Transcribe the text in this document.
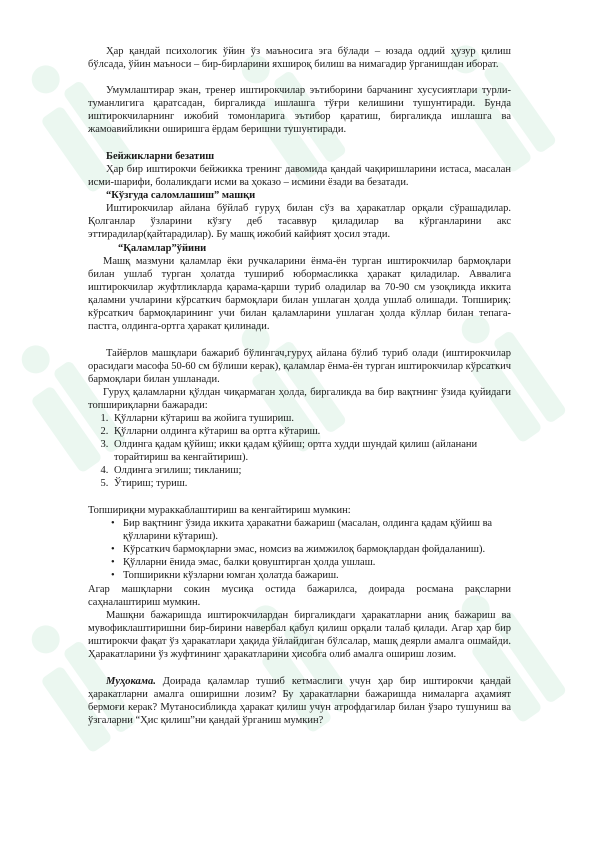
Ҳар қандай психологик ўйин ўз маъносига эга бўлади – юзада оддий ҳузур қилиш бўлсада, ўйин маъноси – бир-бирларини яхшироқ билиш ва нимагадир ўрганишдан иборат.

Умумлаштирар экан, тренер иштирокчилар эътиборини барчанинг хусусиятлари турли-туманлигига қаратсадан, биргаликда ишлашга тўғри келишини тушунтиради. Бунда иштирокчиларнинг ижобий томонларига эътибор қаратиш, биргаликда ишлашга ва жамоавийликни оширишга ёрдам беришни тушунтиради.

Бейжикларни безатиш

Ҳар бир иштирокчи бейжикка тренинг давомида қандай чақиришларини истаса, масалан исми-шарифи, болаликдаги исми ва ҳоказо – исмини ёзади ва безатади.

“Кўзгуда саломлашиш” машқи

Иштирокчилар айлана бўйлаб гуруҳ билан сўз ва ҳаракатлар орқали сўрашадилар. Қолганлар ўзларини кўзгу деб тасаввур қиладилар ва кўрганларини акс эттирадилар(қайтарадилар). Бу машқ ижобий кайфият ҳосил этади.

“Қаламлар”ўйини

Машқ мазмуни қаламлар ёки ручкаларини ёнма-ён турган иштирокчилар бармоқлари билан ушлаб турган ҳолатда тушириб юбормасликка ҳаракат қиладилар. Аввалига иштирокчилар жуфтликларда қарама-қарши туриб оладилар ва 70-90 см узоқликда иккита қаламни учларини кўрсаткич бармоқлари билан ушлаган ҳолда ушлаб олишади. Топшириқ: кўрсаткич бармоқларининг учи билан қаламларини ушлаган ҳолда кўллар билан тепага-пастга, олдинга-ортга ҳаракат қилинади.

Тайёрлов машқлари бажариб бўлингач,гуруҳ айлана бўлиб туриб олади (иштирокчилар орасидаги масофа 50-60 см бўлиши керак), қаламлар ёнма-ён турган иштирокчилар кўрсаткич бармоқлари билан ушланади.

Гуруҳ қаламларни қўлдан чиқармаган ҳолда, биргаликда ва бир вақтнинг ўзида қуйидаги топшириқларни бажаради:

1. Қўлларни кўтариш ва жойига тушириш.
2. Қўлларни олдинга кўтариш ва ортга кўтариш.
3. Олдинга қадам қўйиш; икки қадам қўйиш; ортга худди шундай қилиш (айланани торайтириш ва кенгайтириш).
4. Олдинга эгилиш; тикланиш;
5. Ўтириш; туриш.

Топшириқни мураккаблаштириш ва кенгайтириш мумкин:

• Бир вақтнинг ўзида иккита ҳаракатни бажариш (масалан, олдинга қадам қўйиш ва қўлларини кўтариш).
• Кўрсаткич бармоқларни эмас, номсиз ва жимжилоқ бармоқлардан фойдаланиш).
• Қўлларни ёнида эмас, балки қовуштирган ҳолда ушлаш.
• Топширикни кўзларни юмган ҳолатда бажариш.

Агар машқларни сокин мусиқа остида бажарилса, доирада росмана рақсларни саҳналаштириш мумкин.

Машқни бажаришда иштирокчилардан биргаликдаги ҳаракатларни аниқ бажариш ва мувофиклаштиришни бир-бирини навербал қабул қилиш орқали талаб қилади. Агар ҳар бир иштирокчи фақат ўз ҳаракатлари ҳақида ўйлайдиган бўлсалар, машқ деярли амалга ошмайди. Ҳаракатларини ўз жуфтининг ҳаракатларини ҳисобга олиб амалга ошириш лозим.

Муҳокама. Доирада қаламлар тушиб кетмаслиги учун ҳар бир иштирокчи қандай ҳаракатларни амалга оширишни лозим? Бу ҳаракатларни бажаришда нималарга аҳамият бермоғи керак? Мутаносибликда ҳаракат қилиш учун атрофдагилар билан ўзаро тушуниш ва ўзгаларни “Ҳис қилиш”ни қандай ўрганиш мумкин?
